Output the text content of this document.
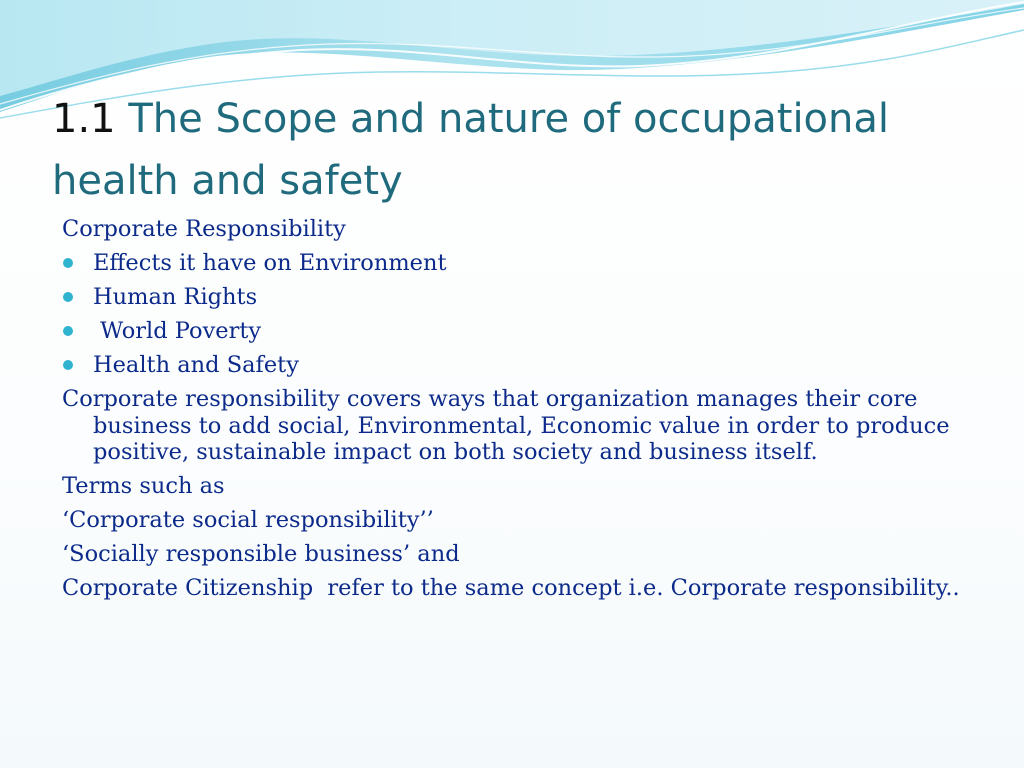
1.1 The Scope and nature of occupational health and safety

Corporate Responsibility

Effects it have on Environment

Human Rights

World Poverty

Health and Safety

Corporate responsibility covers ways that organization manages their core business to add social, Environmental, Economic value in order to produce positive, sustainable impact on both society and business itself.

Terms such as

‘Corporate social responsibility’’

‘Socially responsible business’ and

Corporate Citizenship  refer to the same concept i.e. Corporate responsibility..
